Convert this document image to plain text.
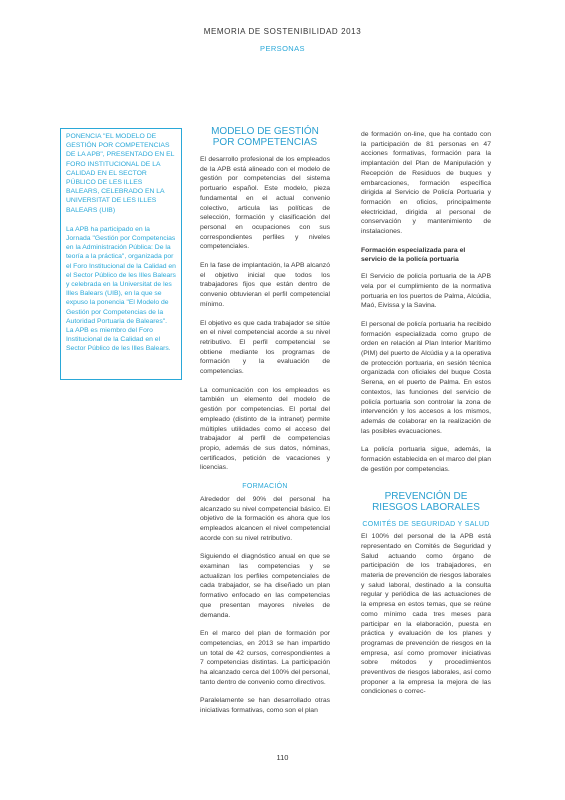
MEMORIA DE SOSTENIBILIDAD 2013
PERSONAS
PONENCIA "EL MODELO DE GESTIÓN POR COMPETENCIAS DE LA APB", PRESENTADO EN EL FORO INSTITUCIONAL DE LA CALIDAD EN EL SECTOR PÚBLICO DE LES ILLES BALEARS, CELEBRADO EN LA UNIVERSITAT DE LES ILLES BALEARS (UIB)
La APB ha participado en la Jornada "Gestión por Competencias en la Administración Pública: De la teoría a la práctica", organizada por el Foro Institucional de la Calidad en el Sector Público de les Illes Balears y celebrada en la Universitat de les Illes Balears (UIB), en la que se expuso la ponencia "El Modelo de Gestión por Competencias de la Autoridad Portuaria de Baleares". La APB es miembro del Foro Institucional de la Calidad en el Sector Público de les Illes Balears.
MODELO DE GESTIÓN POR COMPETENCIAS

El desarrollo profesional de los empleados de la APB está alineado con el modelo de gestión por competencias del sistema portuario español. Este modelo, pieza fundamental en el actual convenio colectivo, articula las políticas de selección, formación y clasificación del personal en ocupaciones con sus correspondientes perfiles y niveles competenciales.

En la fase de implantación, la APB alcanzó el objetivo inicial que todos los trabajadores fijos que están dentro de convenio obtuvieran el perfil competencial mínimo.

El objetivo es que cada trabajador se sitúe en el nivel competencial acorde a su nivel retributivo. El perfil competencial se obtiene mediante los programas de formación y la evaluación de competencias.

La comunicación con los empleados es también un elemento del modelo de gestión por competencias. El portal del empleado (distinto de la intranet) permite múltiples utilidades como el acceso del trabajador al perfil de competencias propio, además de sus datos, nóminas, certificados, petición de vacaciones y licencias.

FORMACIÓN

Alrededor del 90% del personal ha alcanzado su nivel competencial básico. El objetivo de la formación es ahora que los empleados alcancen el nivel competencial acorde con su nivel retributivo.

Siguiendo el diagnóstico anual en que se examinan las competencias y se actualizan los perfiles competenciales de cada trabajador, se ha diseñado un plan formativo enfocado en las competencias que presentan mayores niveles de demanda.

En el marco del plan de formación por competencias, en 2013 se han impartido un total de 42 cursos, correspondientes a 7 competencias distintas. La participación ha alcanzado cerca del 100% del personal, tanto dentro de convenio como directivos.

Paralelamente se han desarrollado otras iniciativas formativas, como son el plan

de formación on-line, que ha contado con la participación de 81 personas en 47 acciones formativas, formación para la implantación del Plan de Manipulación y Recepción de Residuos de buques y embarcaciones, formación específica dirigida al Servicio de Policía Portuaria y formación en oficios, principalmente electricidad, dirigida al personal de conservación y mantenimiento de instalaciones.

Formación especializada para el servicio de la policía portuaria

El Servicio de policía portuaria de la APB vela por el cumplimiento de la normativa portuaria en los puertos de Palma, Alcúdia, Maó, Eivissa y la Savina.

El personal de policía portuaria ha recibido formación especializada como grupo de orden en relación al Plan Interior Marítimo (PIM) del puerto de Alcúdia y a la operativa de protección portuaria, en sesión técnica organizada con oficiales del buque Costa Serena, en el puerto de Palma. En estos contextos, las funciones del servicio de policía portuaria son controlar la zona de intervención y los accesos a los mismos, además de colaborar en la realización de las posibles evacuaciones.

La policía portuaria sigue, además, la formación establecida en el marco del plan de gestión por competencias.

PREVENCIÓN DE RIESGOS LABORALES
COMITÉS DE SEGURIDAD Y SALUD

El 100% del personal de la APB está representado en Comités de Seguridad y Salud actuando como órgano de participación de los trabajadores, en materia de prevención de riesgos laborales y salud laboral, destinado a la consulta regular y periódica de las actuaciones de la empresa en estos temas, que se reúne como mínimo cada tres meses para participar en la elaboración, puesta en práctica y evaluación de los planes y programas de prevención de riesgos en la empresa, así como promover iniciativas sobre métodos y procedimientos preventivos de riesgos laborales, así como proponer a la empresa la mejora de las condiciones o correc-

110
